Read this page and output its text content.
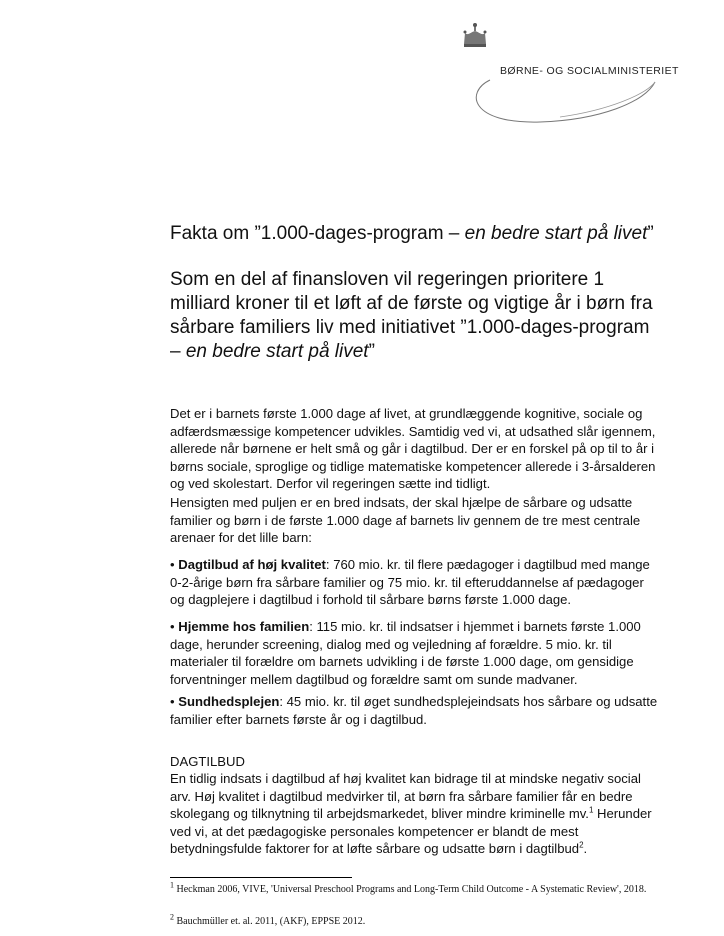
BØRNE- OG SOCIALMINISTERIET
Fakta om ”1.000-dages-program – en bedre start på livet”

Som en del af finansloven vil regeringen prioritere 1 milliard kroner til et løft af de første og vigtige år i børn fra sårbare familiers liv med initiativet ”1.000-dages-program – en bedre start på livet”

Det er i barnets første 1.000 dage af livet, at grundlæggende kognitive, sociale og adfærdsmæssige kompetencer udvikles. Samtidig ved vi, at udsathed slår igennem, allerede når børnene er helt små og går i dagtilbud. Der er en forskel på op til to år i børns sociale, sproglige og tidlige matematiske kompetencer allerede i 3-årsalderen og ved skolestart. Derfor vil regeringen sætte ind tidligt.

Hensigten med puljen er en bred indsats, der skal hjælpe de sårbare og udsatte familier og børn i de første 1.000 dage af barnets liv gennem de tre mest centrale arenaer for det lille barn:

• Dagtilbud af høj kvalitet: 760 mio. kr. til flere pædagoger i dagtilbud med mange 0-2-årige børn fra sårbare familier og 75 mio. kr. til efteruddannelse af pædagoger og dagplejere i dagtilbud i forhold til sårbare børns første 1.000 dage.

• Hjemme hos familien: 115 mio. kr. til indsatser i hjemmet i barnets første 1.000 dage, herunder screening, dialog med og vejledning af forældre. 5 mio. kr. til materialer til forældre om barnets udvikling i de første 1.000 dage, om gensidige forventninger mellem dagtilbud og forældre samt om sunde madvaner.

• Sundhedsplejen: 45 mio. kr. til øget sundhedsplejeindsats hos sårbare og udsatte familier efter barnets første år og i dagtilbud.

DAGTILBUD

En tidlig indsats i dagtilbud af høj kvalitet kan bidrage til at mindske negativ social arv. Høj kvalitet i dagtilbud medvirker til, at børn fra sårbare familier får en bedre skolegang og tilknytning til arbejdsmarkedet, bliver mindre kriminelle mv.$^1$ Herunder ved vi, at det pædagogiske personales kompetencer er blandt de mest betydningsfulde faktorer for at løfte sårbare og udsatte børn i dagtilbud$^2$.

$^1$ Heckman 2006, VIVE, 'Universal Preschool Programs and Long-Term Child Outcome - A Systematic Review', 2018.
$^2$ Bauchmüller et. al. 2011, (AKF), EPPSE 2012.
